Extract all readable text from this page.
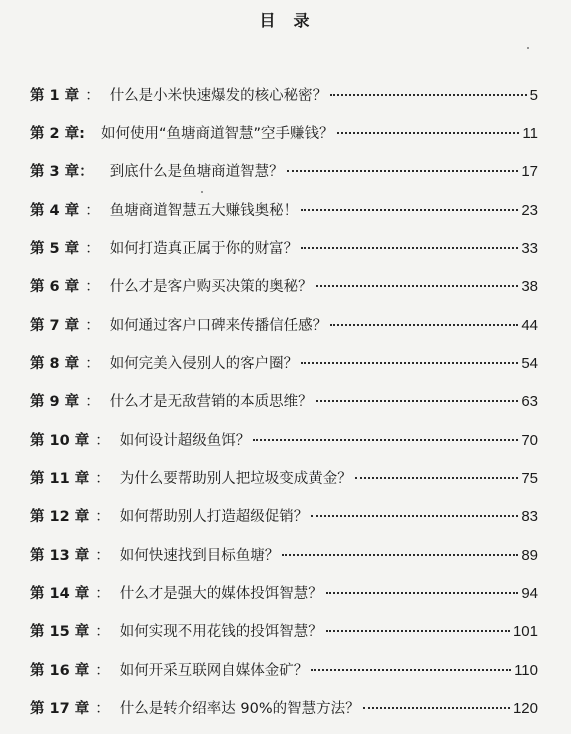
目 录
第 1 章 ： 什么是小米快速爆发的核心秘密？	5
第 2 章: 如何使用“鱼塘商道智慧”空手赚钱？	11
第 3 章： 到底什么是鱼塘商道智慧？	17
第 4 章 ： 鱼塘商道智慧五大赚钱奥秘！	23
第 5 章 ： 如何打造真正属于你的财富？	33
第 6 章 ： 什么才是客户购买决策的奥秘？	38
第 7 章 ： 如何通过客户口碑来传播信任感？	44
第 8 章 ： 如何完美入侵别人的客户圈？	54
第 9 章 ： 什么才是无敌营销的本质思维？	63
第 10 章 ： 如何设计超级鱼饵？	70
第 11 章 ： 为什么要帮助别人把垃圾变成黄金？	75
第 12 章 ： 如何帮助别人打造超级促销？	83
第 13 章 ： 如何快速找到目标鱼塘？	89
第 14 章 ： 什么才是强大的媒体投饵智慧？	94
第 15 章 ： 如何实现不用花钱的投饵智慧？	101
第 16 章 ： 如何开采互联网自媒体金矿？	110
第 17 章 ： 什么是转介绍率达 90%的智慧方法？	120
